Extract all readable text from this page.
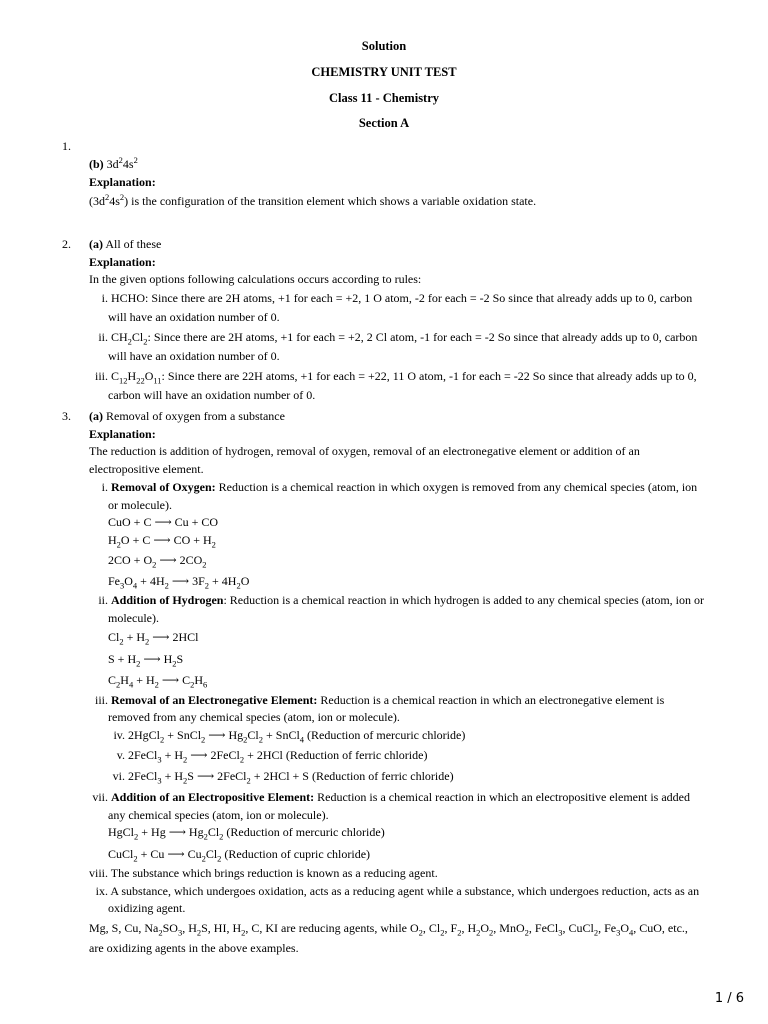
Solution
CHEMISTRY UNIT TEST
Class 11 - Chemistry
Section A
1.
(b) $3d^24s^2$
Explanation:
$(3d^24s^2)$ is the configuration of the transition element which shows a variable oxidation state.
2. (a) All of these
Explanation:
In the given options following calculations occurs according to rules:
i. HCHO: Since there are 2H atoms, +1 for each = +2, 1 O atom, -2 for each = -2 So since that already adds up to 0, carbon
will have an oxidation number of 0.
ii. $CH_2Cl_2$: Since there are 2H atoms, +1 for each = +2, 2 Cl atom, -1 for each = -2 So since that already adds up to 0, carbon
will have an oxidation number of 0.
iii. $C_{12}H_{22}O_{11}$: Since there are 22H atoms, +1 for each = +22, 11 O atom, -1 for each = -22 So since that already adds up to 0,
carbon will have an oxidation number of 0.
3. (a) Removal of oxygen from a substance
Explanation:
The reduction is addition of hydrogen, removal of oxygen, removal of an electronegative element or addition of an
electropositive element.
i. Removal of Oxygen: Reduction is a chemical reaction in which oxygen is removed from any chemical species (atom, ion
or molecule).
CuO + C ⟶ Cu + CO
$H_2O + C$ ⟶ CO + $H_2$
$2CO + O_2$ ⟶ $2CO_2$
$Fe_3O_4 + 4H_2$ ⟶ $3F_2 + 4H_2O$
ii. Addition of Hydrogen: Reduction is a chemical reaction in which hydrogen is added to any chemical species (atom, ion or
molecule).
$Cl_2 + H_2$ ⟶ 2HCl
$S + H_2$ ⟶ $H_2S$
$C_2H_4 + H_2$ ⟶ $C_2H_6$
iii. Removal of an Electronegative Element: Reduction is a chemical reaction in which an electronegative element is
removed from any chemical species (atom, ion or molecule).
iv. 2HgCl$_2$ + SnCl$_2$ ⟶ $Hg_2Cl_2$ + SnCl$_4$ (Reduction of mercuric chloride)
v. 2FeCl$_3$ + $H_2$ ⟶ 2FeCl$_2$ + 2HCl (Reduction of ferric chloride)
vi. 2FeCl$_3$ + $H_2S$ ⟶ 2FeCl$_2$ + 2HCl + S (Reduction of ferric chloride)
vii. Addition of an Electropositive Element: Reduction is a chemical reaction in which an electropositive element is added
any chemical species (atom, ion or molecule).
HgCl$_2$ + Hg ⟶ $Hg_2Cl_2$ (Reduction of mercuric chloride)
CuCl$_2$ + Cu ⟶ $Cu_2Cl_2$ (Reduction of cupric chloride)
viii. The substance which brings reduction is known as a reducing agent.
ix. A substance, which undergoes oxidation, acts as a reducing agent while a substance, which undergoes reduction, acts as an
oxidizing agent.
Mg, S, Cu, $Na_2SO_3$, $H_2S$, HI, $H_2$, C, KI are reducing agents, while $O_2$, $Cl_2$, $F_2$, $H_2O_2$, MnO$_2$, FeCl$_3$, CuCl$_2$, $Fe_3O_4$, CuO, etc.,
are oxidizing agents in the above examples.
1 / 6
